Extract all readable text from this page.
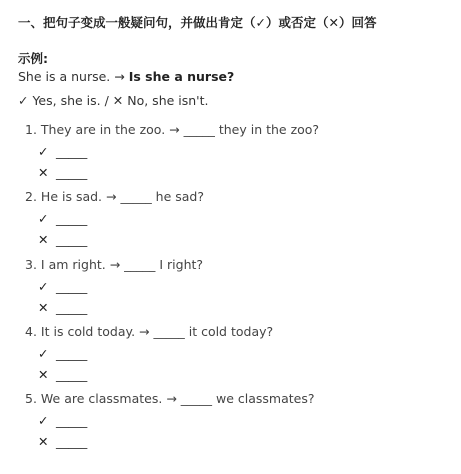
一、把句子变成一般疑问句，并做出肯定（✓）或否定（✕）回答
示例:
She is a nurse. → Is she a nurse?
✓ Yes, she is. / ✕ No, she isn't.
1. They are in the zoo. → _____ they in the zoo?
✓ _____
✕ _____
2. He is sad. → _____ he sad?
✓ _____
✕ _____
3. I am right. → _____ I right?
✓ _____
✕ _____
4. It is cold today. → _____ it cold today?
✓ _____
✕ _____
5. We are classmates. → _____ we classmates?
✓ _____
✕ _____
